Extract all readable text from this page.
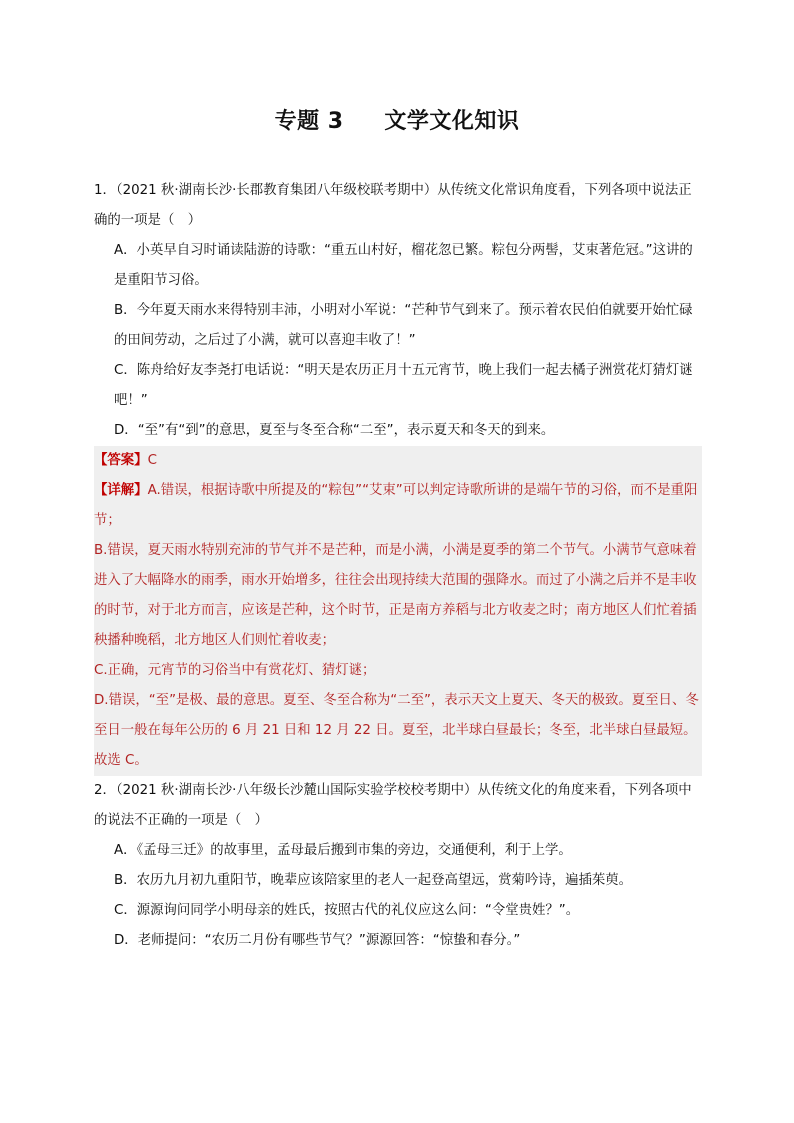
专题 3     文学文化知识

1．（2021 秋·湖南长沙·长郡教育集团八年级校联考期中）从传统文化常识角度看，下列各项中说法正确的一项是（　）

A．小英早自习时诵读陆游的诗歌：“重五山村好，榴花忽已繁。粽包分两髻，艾束著危冠。”这讲的是重阳节习俗。

B．今年夏天雨水来得特别丰沛，小明对小军说：“芒种节气到来了。预示着农民伯伯就要开始忙碌的田间劳动，之后过了小满，就可以喜迎丰收了！”

C．陈舟给好友李尧打电话说：“明天是农历正月十五元宵节，晚上我们一起去橘子洲赏花灯猜灯谜吧！”

D．“至”有“到”的意思，夏至与冬至合称“二至”，表示夏天和冬天的到来。

【答案】C

【详解】A.错误，根据诗歌中所提及的“粽包”“艾束”可以判定诗歌所讲的是端午节的习俗，而不是重阳节；

B.错误，夏天雨水特别充沛的节气并不是芒种，而是小满，小满是夏季的第二个节气。小满节气意味着进入了大幅降水的雨季，雨水开始增多，往往会出现持续大范围的强降水。而过了小满之后并不是丰收的时节，对于北方而言，应该是芒种，这个时节，正是南方养稻与北方收麦之时；南方地区人们忙着插秧播种晚稻，北方地区人们则忙着收麦；

C.正确，元宵节的习俗当中有赏花灯、猜灯谜；

D.错误，“至”是极、最的意思。夏至、冬至合称为“二至”，表示天文上夏天、冬天的极致。夏至日、冬至日一般在每年公历的 6 月 21 日和 12 月 22 日。夏至，北半球白昼最长；冬至，北半球白昼最短。

故选 C。

2．（2021 秋·湖南长沙·八年级长沙麓山国际实验学校校考期中）从传统文化的角度来看，下列各项中的说法不正确的一项是（　）

A．《孟母三迁》的故事里，孟母最后搬到市集的旁边，交通便利，利于上学。

B．农历九月初九重阳节，晚辈应该陪家里的老人一起登高望远，赏菊吟诗，遍插茱萸。

C．源源询问同学小明母亲的姓氏，按照古代的礼仪应这么问：“令堂贵姓？”。

D．老师提问：“农历二月份有哪些节气？”源源回答：“惊蛰和春分。”
